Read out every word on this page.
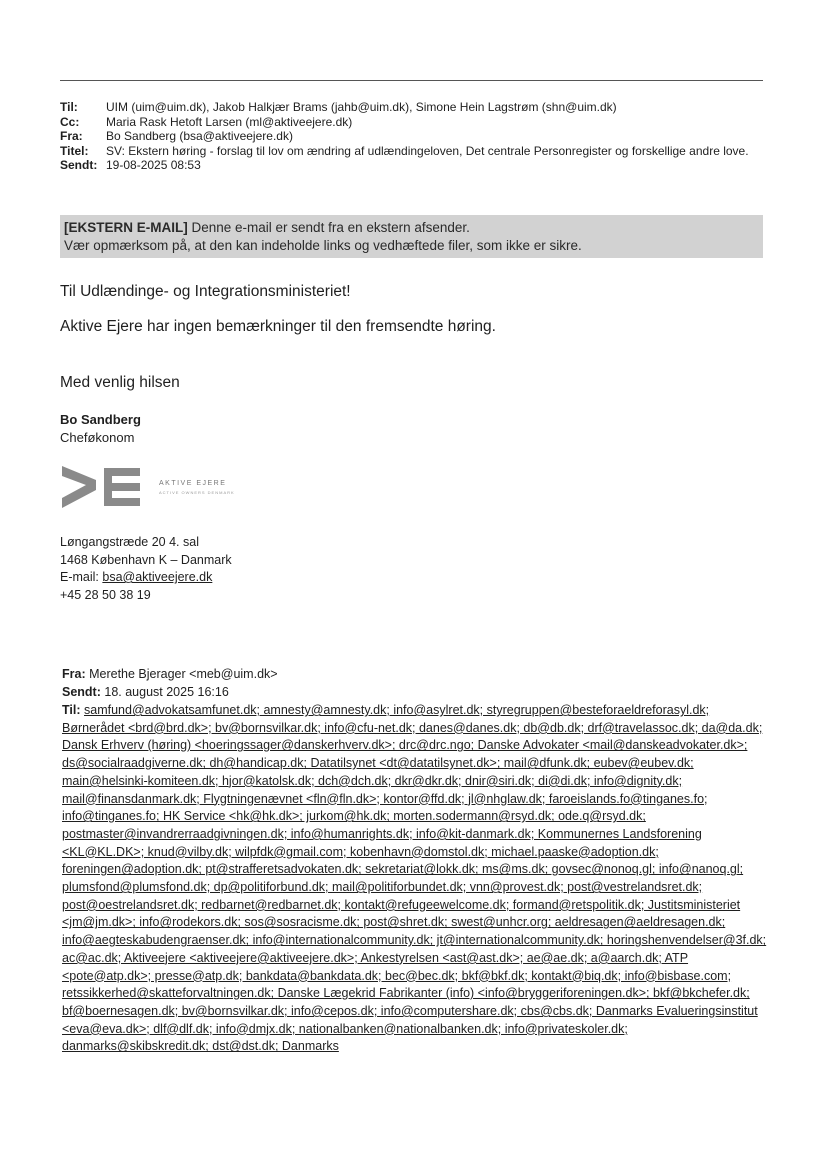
Til:	UIM (uim@uim.dk), Jakob Halkjær Brams (jahb@uim.dk), Simone Hein Lagstrøm (shn@uim.dk)
Cc:	Maria Rask Hetoft Larsen (ml@aktiveejere.dk)
Fra:	Bo Sandberg (bsa@aktiveejere.dk)
Titel:	SV: Ekstern høring - forslag til lov om ændring af udlændingeloven, Det centrale Personregister og forskellige andre love.
Sendt:	19-08-2025 08:53
[EKSTERN E-MAIL] Denne e-mail er sendt fra en ekstern afsender.
Vær opmærksom på, at den kan indeholde links og vedhæftede filer, som ikke er sikre.
Til Udlændinge- og Integrationsministeriet!
Aktive Ejere har ingen bemærkninger til den fremsendte høring.
Med venlig hilsen
Bo Sandberg
Cheføkonom
AKTIVE EJERE
ACTIVE OWNERS DENMARK
Løngangstræde 20 4. sal
1468 København K – Danmark
E-mail: bsa@aktiveejere.dk
+45 28 50 38 19
Fra: Merethe Bjerager <meb@uim.dk>
Sendt: 18. august 2025 16:16
Til: samfund@advokatsamfunet.dk; amnesty@amnesty.dk; info@asylret.dk; styregruppen@besteforaeldreforasyl.dk; Børnerådet <brd@brd.dk>; bv@bornsvilkar.dk; info@cfu-net.dk; danes@danes.dk; db@db.dk; drf@travelassoc.dk; da@da.dk; Dansk Erhverv (høring) <hoeringssager@danskerhverv.dk>; drc@drc.ngo; Danske Advokater <mail@danskeadvokater.dk>; ds@socialraadgiverne.dk; dh@handicap.dk; Datatilsynet <dt@datatilsynet.dk>; mail@dfunk.dk; eubev@eubev.dk; main@helsinki-komiteen.dk; hjor@katolsk.dk; dch@dch.dk; dkr@dkr.dk; dnir@siri.dk; di@di.dk; info@dignity.dk; mail@finansdanmark.dk; Flygtningenævnet <fln@fln.dk>; kontor@ffd.dk; jl@nhglaw.dk; faroeislands.fo@tinganes.fo; info@tinganes.fo; HK Service <hk@hk.dk>; jurkom@hk.dk; morten.sodermann@rsyd.dk; ode.q@rsyd.dk; postmaster@invandrerraadgivningen.dk; info@humanrights.dk; info@kit-danmark.dk; Kommunernes Landsforening <KL@KL.DK>; knud@vilby.dk; wilpfdk@gmail.com; kobenhavn@domstol.dk; michael.paaske@adoption.dk; foreningen@adoption.dk; pt@strafferetsadvokaten.dk; sekretariat@lokk.dk; ms@ms.dk; govsec@nonoq.gl; info@nanoq.gl; plumsfond@plumsfond.dk; dp@politiforbund.dk; mail@politiforbundet.dk; vnn@provest.dk; post@vestrelandsret.dk; post@oestrelandsret.dk; redbarnet@redbarnet.dk; kontakt@refugeewelcome.dk; formand@retspolitik.dk; Justitsministeriet <jm@jm.dk>; info@rodekors.dk; sos@sosracisme.dk; post@shret.dk; swest@unhcr.org; aeldresagen@aeldresagen.dk; info@aegteskabudengraenser.dk; info@internationalcommunity.dk; jt@internationalcommunity.dk; horingshenvendelser@3f.dk; ac@ac.dk; Aktiveejere <aktiveejere@aktiveejere.dk>; Ankestyrelsen <ast@ast.dk>; ae@ae.dk; a@aarch.dk; ATP <pote@atp.dk>; presse@atp.dk; bankdata@bankdata.dk; bec@bec.dk; bkf@bkf.dk; kontakt@biq.dk; info@bisbase.com; retssikkerhed@skatteforvaltningen.dk; Danske Lægekrid Fabrikanter (info) <info@bryggeriforeningen.dk>; bkf@bkchefer.dk; bf@boernesagen.dk; bv@bornsvilkar.dk; info@cepos.dk; info@computershare.dk; cbs@cbs.dk; Danmarks Evalueringsinstitut <eva@eva.dk>; dlf@dlf.dk; info@dmjx.dk; nationalbanken@nationalbanken.dk; info@privateskoler.dk; danmarks@skibskredit.dk; dst@dst.dk; Danmarks
